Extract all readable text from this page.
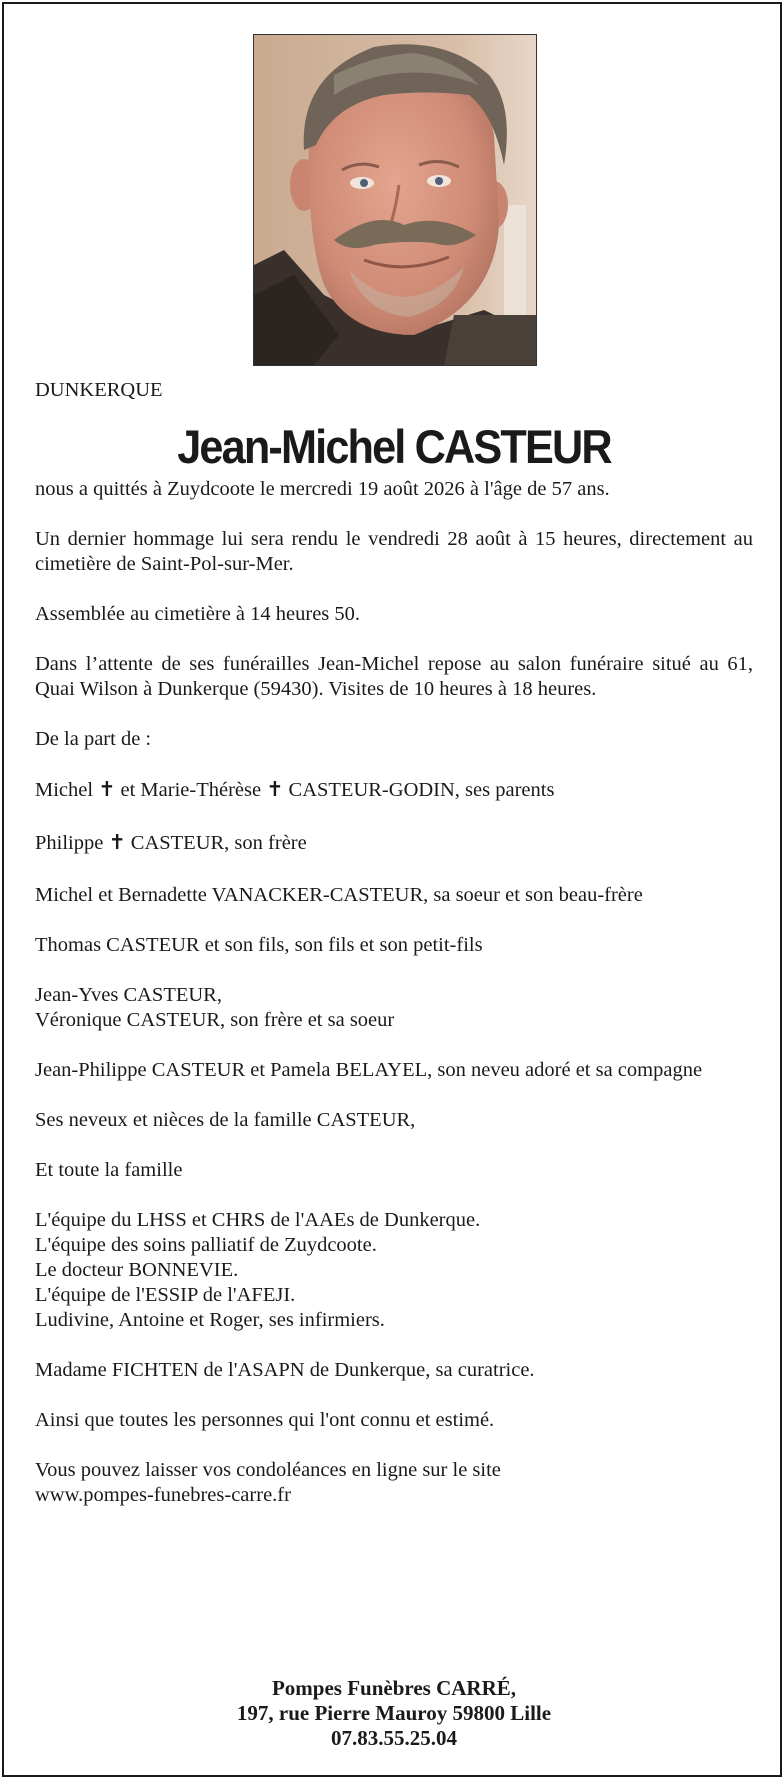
DUNKERQUE

Jean-Michel CASTEUR

nous a quittés à Zuydcoote le mercredi 19 août 2026 à l'âge de 57 ans.

Un dernier hommage lui sera rendu le vendredi 28 août à 15 heures, directement au cimetière de Saint-Pol-sur-Mer.

Assemblée au cimetière à 14 heures 50.

Dans l’attente de ses funérailles Jean-Michel repose au salon funéraire situé au 61, Quai Wilson à Dunkerque (59430). Visites de 10 heures à 18 heures.

De la part de :

Michel ✝ et Marie-Thérèse ✝ CASTEUR-GODIN, ses parents

Philippe ✝ CASTEUR, son frère

Michel et Bernadette VANACKER-CASTEUR, sa soeur et son beau-frère

Thomas CASTEUR et son fils, son fils et son petit-fils

Jean-Yves CASTEUR,
Véronique CASTEUR, son frère et sa soeur

Jean-Philippe CASTEUR et Pamela BELAYEL, son neveu adoré et sa compagne

Ses neveux et nièces de la famille CASTEUR,

Et toute la famille

L'équipe du LHSS et CHRS de l'AAEs de Dunkerque.
L'équipe des soins palliatif de Zuydcoote.
Le docteur BONNEVIE.
L'équipe de l'ESSIP de l'AFEJI.
Ludivine, Antoine et Roger, ses infirmiers.

Madame FICHTEN de l'ASAPN de Dunkerque, sa curatrice.

Ainsi que toutes les personnes qui l'ont connu et estimé.

Vous pouvez laisser vos condoléances en ligne sur le site
www.pompes-funebres-carre.fr

Pompes Funèbres CARRÉ,
197, rue Pierre Mauroy 59800 Lille
07.83.55.25.04
